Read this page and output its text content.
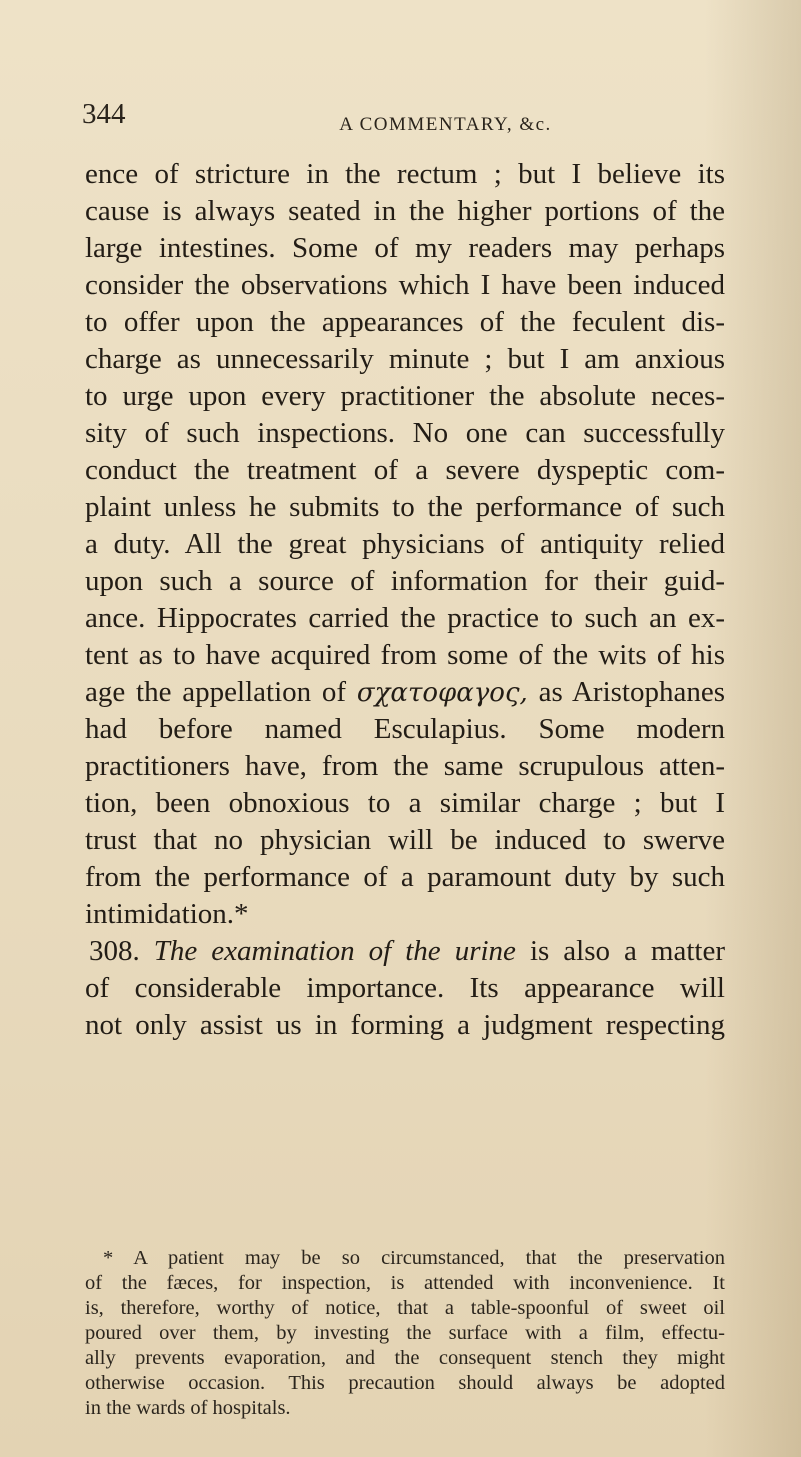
344	A COMMENTARY, &c.
ence of stricture in the rectum ; but I believe its
cause is always seated in the higher portions of the
large intestines. Some of my readers may perhaps
consider the observations which I have been induced
to offer upon the appearances of the feculent dis-
charge as unnecessarily minute ; but I am anxious
to urge upon every practitioner the absolute neces-
sity of such inspections. No one can successfully
conduct the treatment of a severe dyspeptic com-
plaint unless he submits to the performance of such
a duty. All the great physicians of antiquity relied
upon such a source of information for their guid-
ance. Hippocrates carried the practice to such an ex-
tent as to have acquired from some of the wits of his
age the appellation of σχατοφαγος, as Aristophanes
had before named Esculapius. Some modern
practitioners have, from the same scrupulous atten-
tion, been obnoxious to a similar charge ; but I
trust that no physician will be induced to swerve
from the performance of a paramount duty by such
intimidation.*
308. The examination of the urine is also a matter
of considerable importance. Its appearance will
not only assist us in forming a judgment respecting
* A patient may be so circumstanced, that the preservation
of the fæces, for inspection, is attended with inconvenience. It
is, therefore, worthy of notice, that a table-spoonful of sweet oil
poured over them, by investing the surface with a film, effectu-
ally prevents evaporation, and the consequent stench they might
otherwise occasion. This precaution should always be adopted
in the wards of hospitals.
